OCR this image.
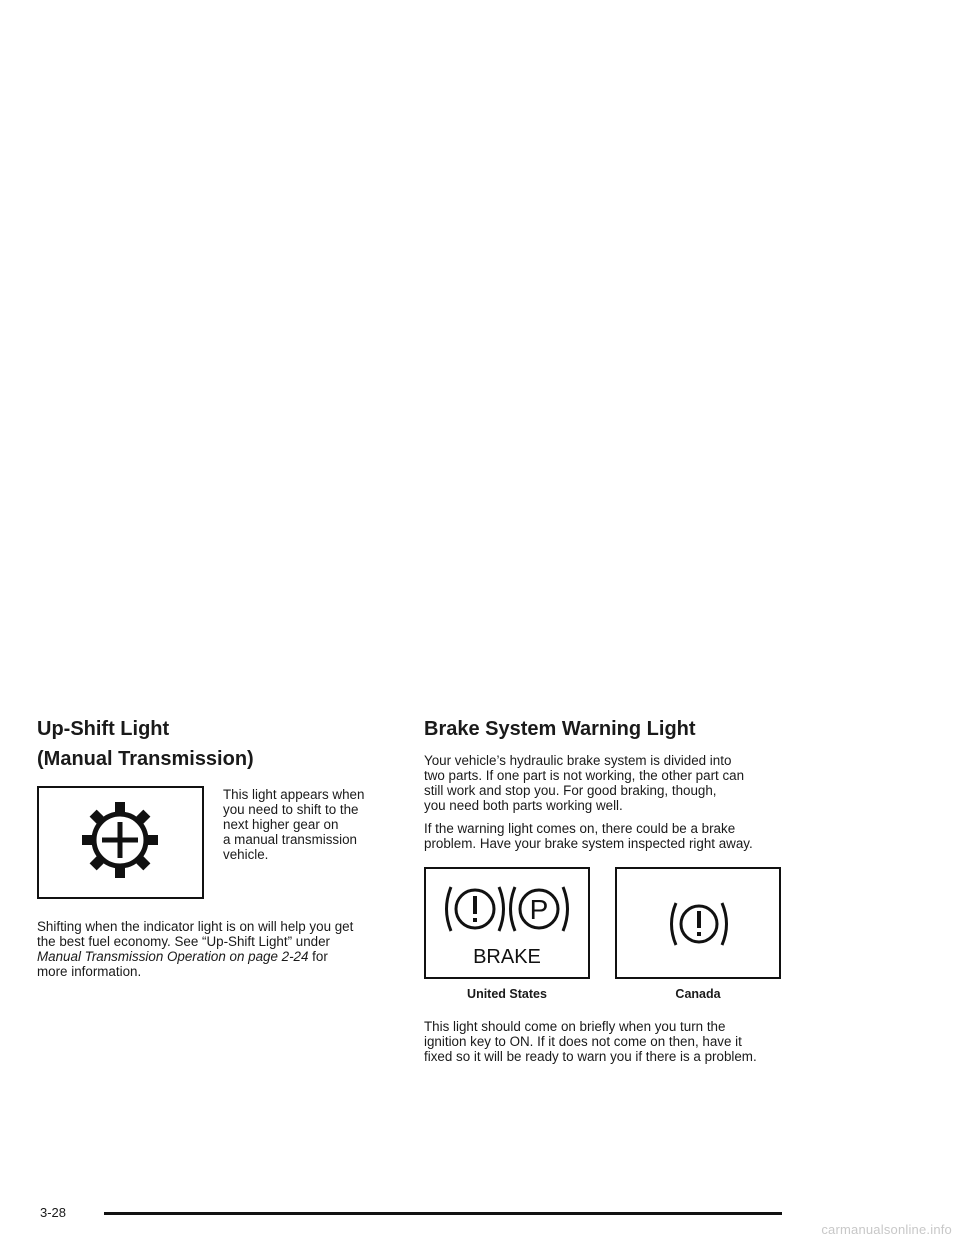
Up-Shift Light

(Manual Transmission)

This light appears when
you need to shift to the
next higher gear on
a manual transmission
vehicle.
Shifting when the indicator light is on will help you get
the best fuel economy. See “Up-Shift Light” under
Manual Transmission Operation on page 2-24 for
more information.

Brake System Warning Light

Your vehicle’s hydraulic brake system is divided into
two parts. If one part is not working, the other part can
still work and stop you. For good braking, though,
you need both parts working well.
If the warning light comes on, there could be a brake
problem. Have your brake system inspected right away.
P
BRAKE
United States	Canada
This light should come on briefly when you turn the
ignition key to ON. If it does not come on then, have it
fixed so it will be ready to warn you if there is a problem.
3-28
carmanualsonline.info
